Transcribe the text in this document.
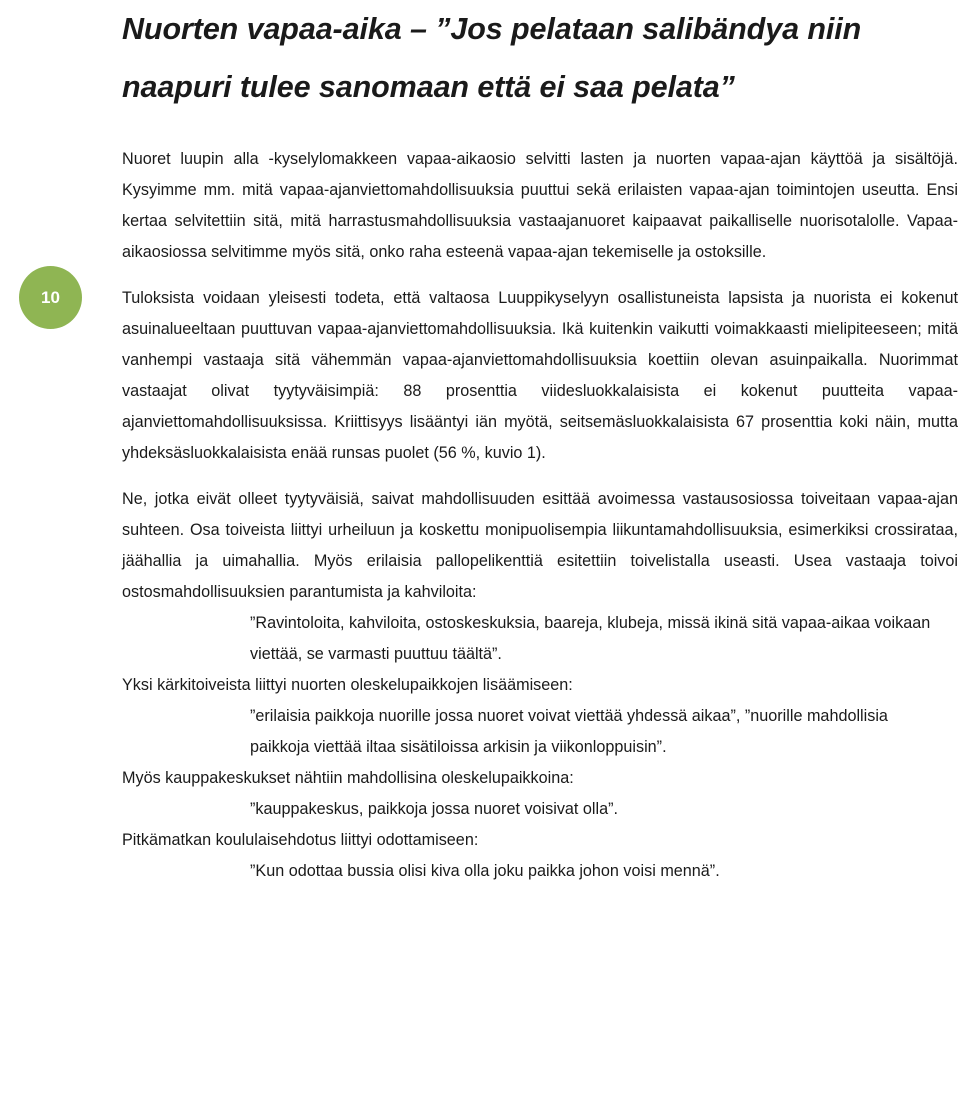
Nuorten vapaa-aika – ”Jos pelataan salibändya niin naapuri tulee sanomaan että ei saa pelata”
10

Nuoret luupin alla -kyselylomakkeen vapaa-aikaosio selvitti lasten ja nuorten vapaa-ajan käyttöä ja sisältöjä. Kysyimme mm. mitä vapaa-ajanviettomahdollisuuksia puuttui sekä erilaisten vapaa-ajan toimintojen useutta. Ensi kertaa selvitettiin sitä, mitä harrastusmahdollisuuksia vastaajanuoret kaipaavat paikalliselle nuorisotalolle. Vapaa-aikaosiossa selvitimme myös sitä, onko raha esteenä vapaa-ajan tekemiselle ja ostoksille.

Tuloksista voidaan yleisesti todeta, että valtaosa Luuppikyselyyn osallistuneista lapsista ja nuorista ei kokenut asuinalueeltaan puuttuvan vapaa-ajanviettomahdollisuuksia. Ikä kuitenkin vaikutti voimakkaasti mielipiteeseen; mitä vanhempi vastaaja sitä vähemmän vapaa-ajanviettomahdollisuuksia koettiin olevan asuinpaikalla. Nuorimmat vastaajat olivat tyytyväisimpiä: 88 prosenttia viidesluokkalaisista ei kokenut puutteita vapaa-ajanviettomahdollisuuksissa. Kriittisyys lisääntyi iän myötä, seitsemäsluokkalaisista 67 prosenttia koki näin, mutta yhdeksäsluokkalaisista enää runsas puolet (56 %, kuvio 1).

Ne, jotka eivät olleet tyytyväisiä, saivat mahdollisuuden esittää avoimessa vastausosiossa toiveitaan vapaa-ajan suhteen. Osa toiveista liittyi urheiluun ja koskettu monipuolisempia liikuntamahdollisuuksia, esimerkiksi crossiratаa, jäähallia ja uimahallia. Myös erilaisia pallopelikenttiä esitettiin toivelistalla useasti. Usea vastaaja toivoi ostosmahdollisuuksien parantumista ja kahviloita:

”Ravintoloita, kahviloita, ostoskeskuksia, baareja, klubeja, missä ikinä sitä vapaa-aikaa voikaan viettää, se varmasti puuttuu täältä”.

Yksi kärkitoiveista liittyi nuorten oleskelupaikkojen lisäämiseen:

”erilaisia paikkoja nuorille jossa nuoret voivat viettää yhdessä aikaa”, ”nuorille mahdollisia paikkoja viettää iltaa sisätiloissa arkisin ja viikonloppuisin”.

Myös kauppakeskukset nähtiin mahdollisina oleskelupaikkoina:

”kauppakeskus, paikkoja jossa nuoret voisivat olla”.

Pitkämatkan koululaisehdotus liittyi odottamiseen:

”Kun odottaa bussia olisi kiva olla joku paikka johon voisi mennä”.
